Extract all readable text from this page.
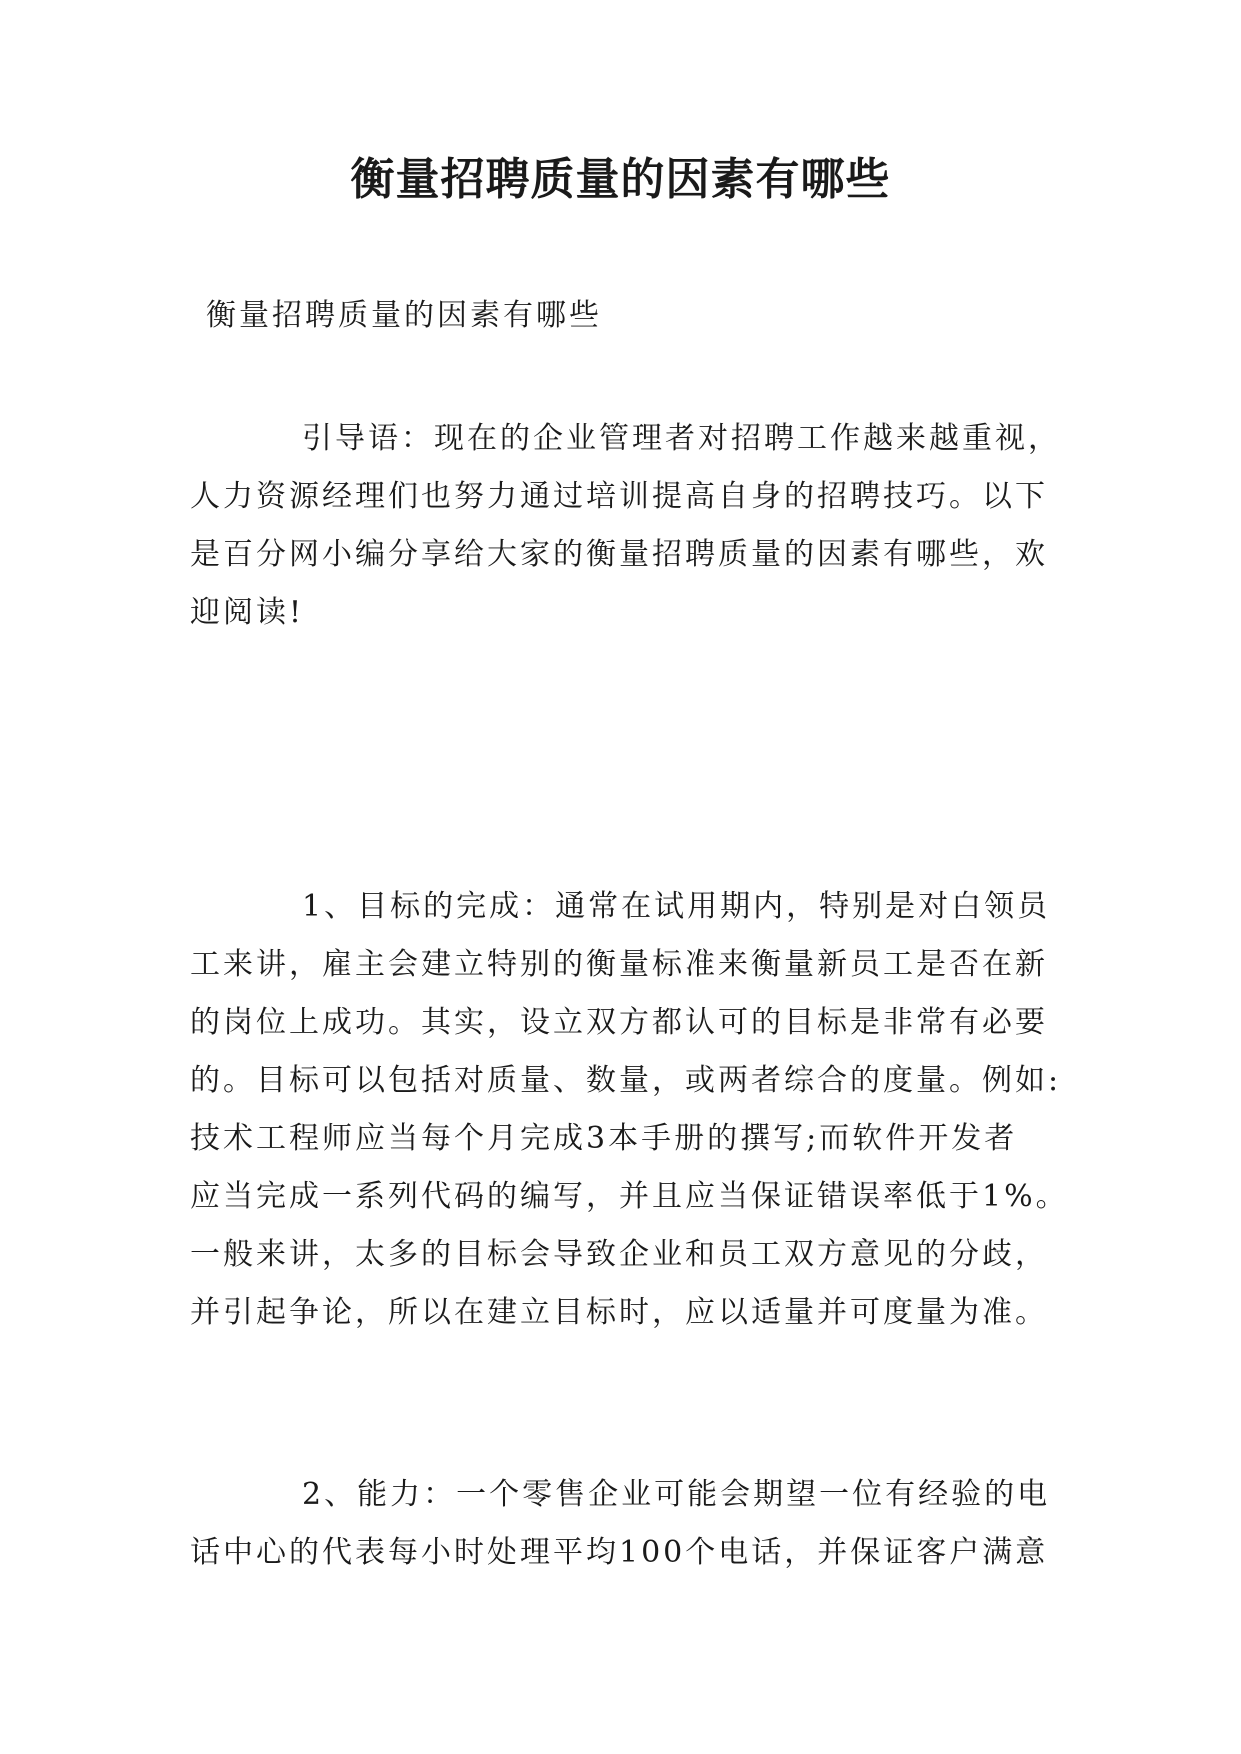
衡量招聘质量的因素有哪些
衡量招聘质量的因素有哪些
引导语：现在的企业管理者对招聘工作越来越重视，
人力资源经理们也努力通过培训提高自身的招聘技巧。以下
是百分网小编分享给大家的衡量招聘质量的因素有哪些，欢
迎阅读!
1、目标的完成：通常在试用期内，特别是对白领员
工来讲，雇主会建立特别的衡量标准来衡量新员工是否在新
的岗位上成功。其实，设立双方都认可的目标是非常有必要
的。目标可以包括对质量、数量，或两者综合的度量。例如:
技术工程师应当每个月完成3本手册的撰写;而软件开发者
应当完成一系列代码的编写，并且应当保证错误率低于1%。
一般来讲，太多的目标会导致企业和员工双方意见的分歧，
并引起争论，所以在建立目标时，应以适量并可度量为准。
2、能力：一个零售企业可能会期望一位有经验的电
话中心的代表每小时处理平均100个电话，并保证客户满意
